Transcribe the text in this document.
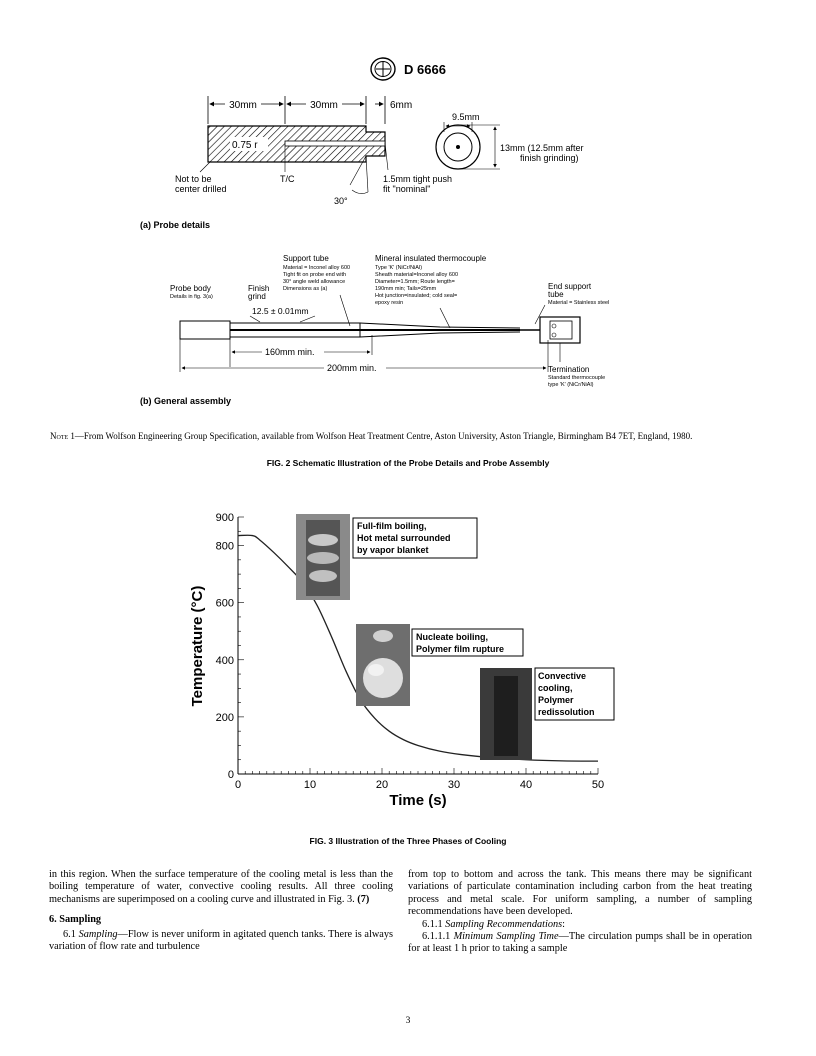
D 6666
30mm	30mm	6mm
0.75 r
Not to be
center drilled
T/C
30°
1.5mm tight push
fit "nominal"
9.5mm
13mm (12.5mm after
finish grinding)
(a) Probe details
Support tube
Material = Inconel alloy 600
Tight fit on probe end with
30° angle weld allowance
Dimensions as (a)
Mineral insulated thermocouple
Type 'K' (NiCr/NiAl)
Sheath material=Inconel alloy 600
Diameter=1.5mm; Route length=
190mm min; Tails=25mm
Hot junction=insulated; cold seal=
epoxy resin
Probe body
Details in fig. 3(a)
Finish
grind
12.5 ± 0.01mm
End support
tube
Material = Stainless steel
160mm min.
200mm min.	Termination
Standard thermocouple
type 'K' (NiCr/NiAl)
(b) General assembly
Note 1—From Wolfson Engineering Group Specification, available from Wolfson Heat Treatment Centre, Aston University, Aston Triangle, Birmingham B4 7ET, England, 1980.
FIG. 2 Schematic Illustration of the Probe Details and Probe Assembly
0	10	20	30	40	50
0
200
400
600
800
900
Time (s)
Temperature (°C)
Full-film boiling,
Hot metal surrounded
by vapor blanket
Nucleate boiling,
Polymer film rupture
Convective
cooling,
Polymer
redissolution
FIG. 3 Illustration of the Three Phases of Cooling

in this region. When the surface temperature of the cooling metal is less than the boiling temperature of water, convective cooling results. All three cooling mechanisms are superimposed on a cooling curve and illustrated in Fig. 3. (7)

6. Sampling

6.1 Sampling—Flow is never uniform in agitated quench tanks. There is always variation of flow rate and turbulence

from top to bottom and across the tank. This means there may be significant variations of particulate contamination including carbon from the heat treating process and metal scale. For uniform sampling, a number of sampling recommendations have been developed.

6.1.1 Sampling Recommendations:

6.1.1.1 Minimum Sampling Time—The circulation pumps shall be in operation for at least 1 h prior to taking a sample

3
